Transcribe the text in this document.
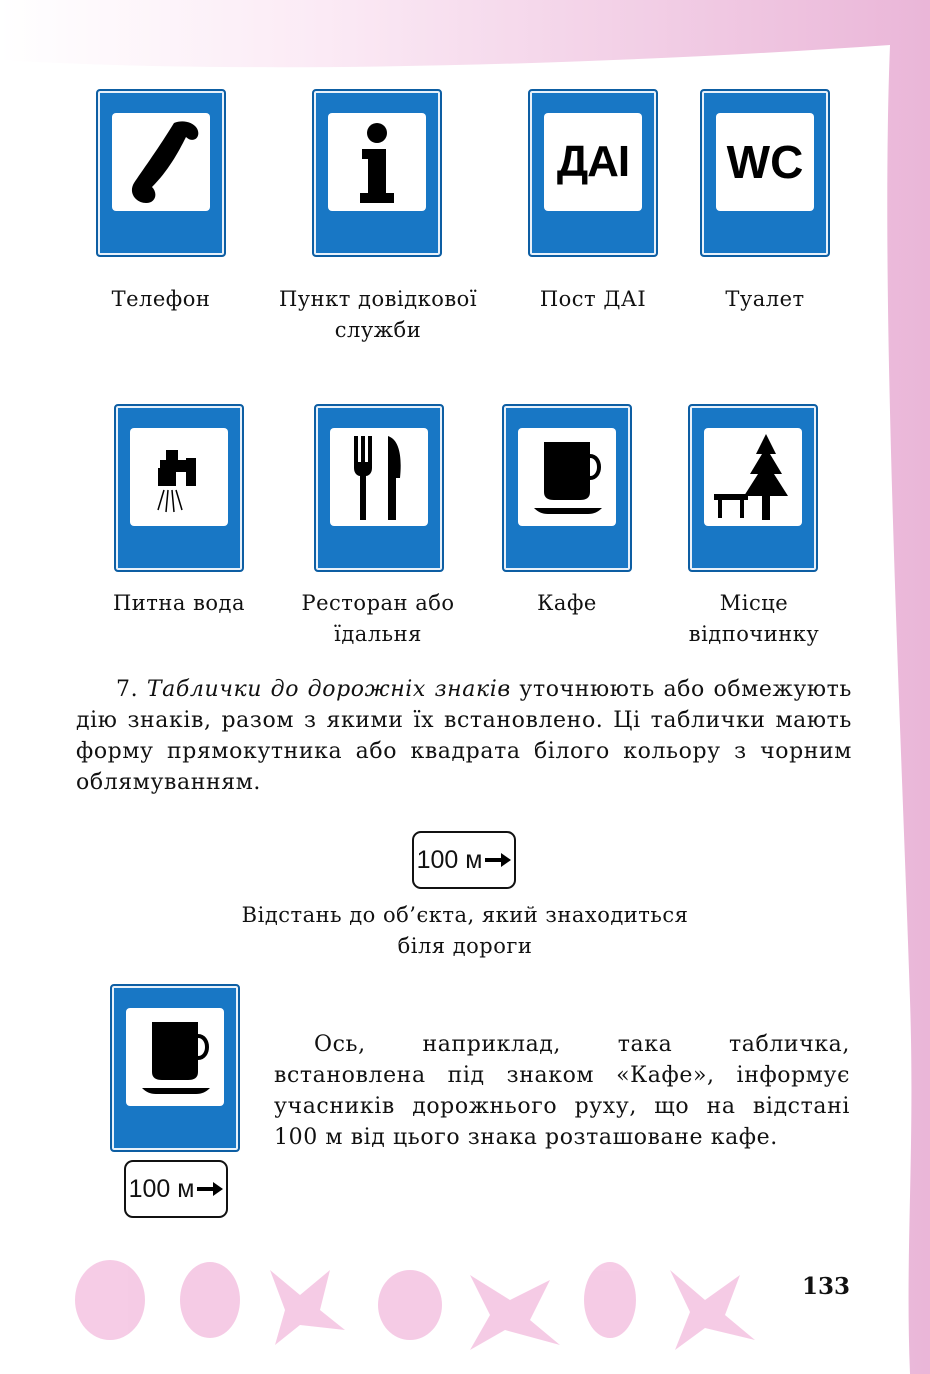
ДАІ WC
Телефон	Пункт довідкової
служби
Пост ДАІ	Туалет
Питна вода	Ресторан або
їдальня
Кафе	Місце
відпочинку
7. Таблички до дорожніх знаків уточнюють або обмежують дію знаків, разом з якими їх встановлено. Ці таблички мають форму прямокутника або квадрата білого кольору з чорним облямуванням.
100 м
Відстань до об’єкта, який знаходиться
біля дороги
100 м
Ось, наприклад, така табличка, встановлена під знаком «Кафе», інформує учасників дорожнього руху, що на відстані 100 м від цього знака розташоване кафе.
133
